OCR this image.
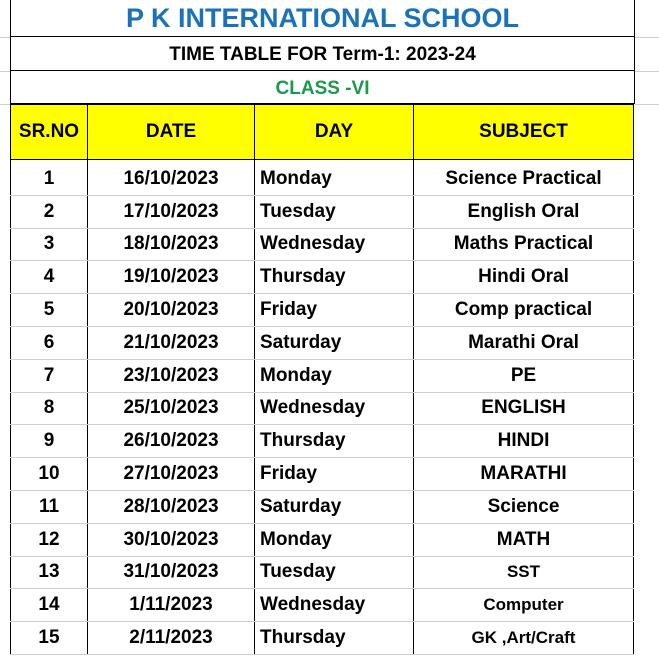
P K INTERNATIONAL SCHOOL
TIME TABLE FOR Term-1: 2023-24
CLASS -VI
SR.NO	DATE	DAY	SUBJECT

1	16/10/2023	Monday	Science Practical
2	17/10/2023	Tuesday	English Oral
3	18/10/2023	Wednesday	Maths Practical
4	19/10/2023	Thursday	Hindi Oral
5	20/10/2023	Friday	Comp practical
6	21/10/2023	Saturday	Marathi Oral
7	23/10/2023	Monday	PE
8	25/10/2023	Wednesday	ENGLISH
9	26/10/2023	Thursday	HINDI
10	27/10/2023	Friday	MARATHI
11	28/10/2023	Saturday	Science
12	30/10/2023	Monday	MATH
13	31/10/2023	Tuesday	SST
14	1/11/2023	Wednesday	Computer
15	2/11/2023	Thursday	GK ,Art/Craft
